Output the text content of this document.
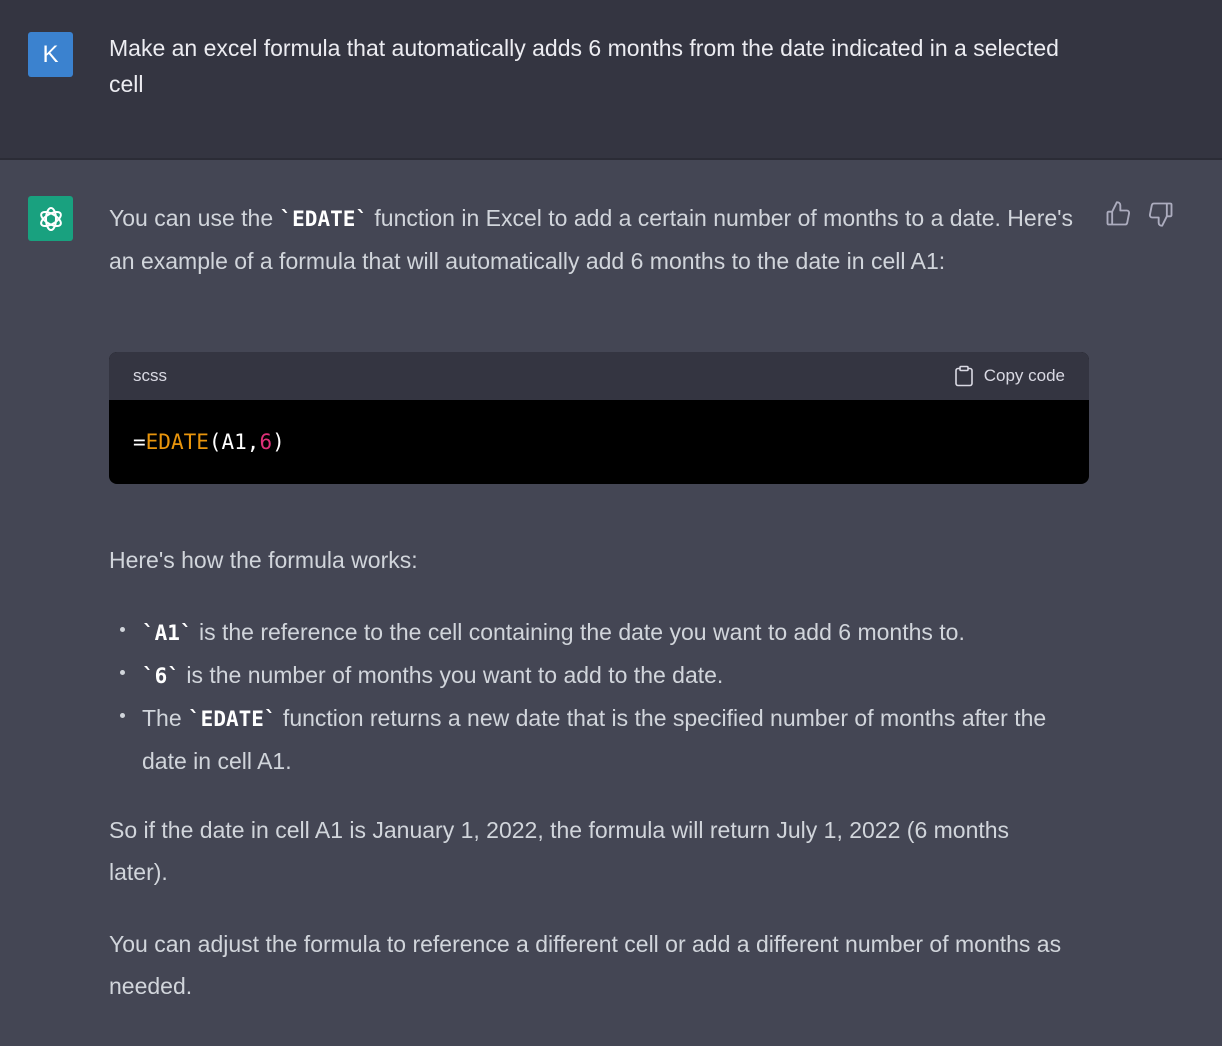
K	Make an excel formula that automatically adds 6 months from the date indicated in a selected cell

You can use the `EDATE` function in Excel to add a certain number of months to a date. Here's an example of a formula that will automatically add 6 months to the date in cell A1:

scss	Copy code
=EDATE(A1,6)

Here's how the formula works:

`A1` is the reference to the cell containing the date you want to add 6 months to.
`6` is the number of months you want to add to the date.
The `EDATE` function returns a new date that is the specified number of months after the date in cell A1.

So if the date in cell A1 is January 1, 2022, the formula will return July 1, 2022 (6 months later).

You can adjust the formula to reference a different cell or add a different number of months as needed.
